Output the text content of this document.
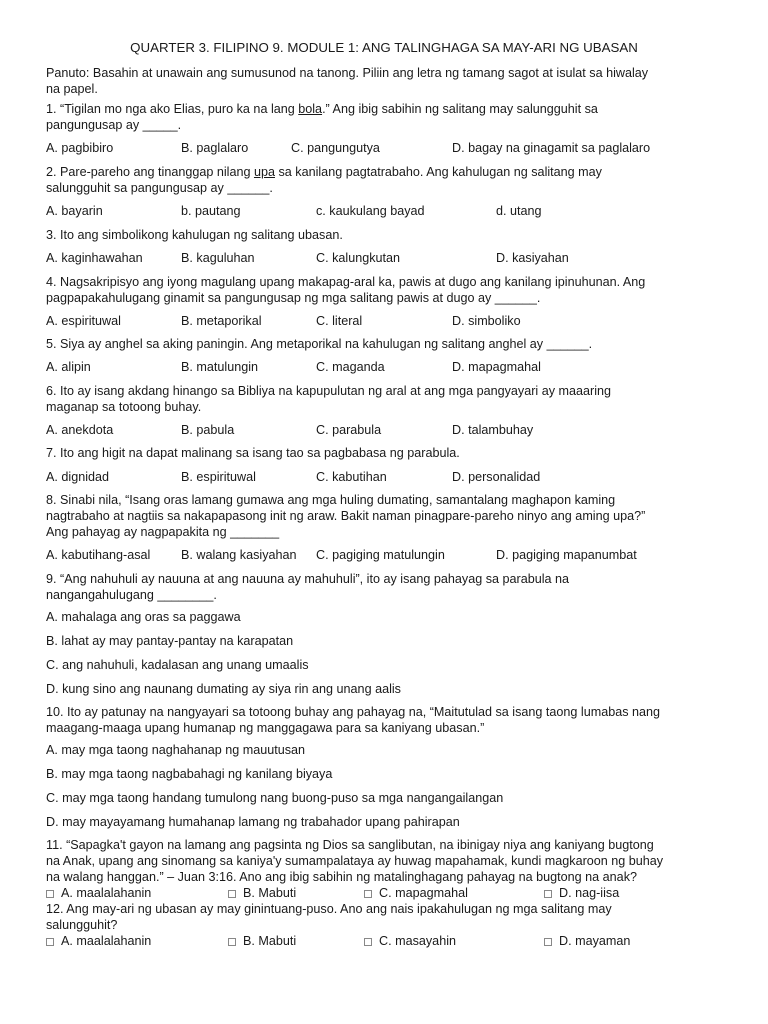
QUARTER 3. FILIPINO 9. MODULE 1: ANG TALINGHAGA SA MAY-ARI NG UBASAN
Panuto: Basahin at unawain ang sumusunod na tanong. Piliin ang letra ng tamang sagot at isulat sa hiwalay
na papel.
1. “Tigilan mo nga ako Elias, puro ka na lang bola.” Ang ibig sabihin ng salitang may salungguhit sa
pangungusap ay _____.
A. pagbibiro	B. paglalaro	C. pangungutya	D. bagay na ginagamit sa paglalaro
2. Pare-pareho ang tinanggap nilang upa sa kanilang pagtatrabaho. Ang kahulugan ng salitang may
salungguhit sa pangungusap ay ______.
A. bayarin	b. pautang	c. kaukulang bayad	d. utang
3. Ito ang simbolikong kahulugan ng salitang ubasan.
A. kaginhawahan	B. kaguluhan	C. kalungkutan	D. kasiyahan
4. Nagsakripisyo ang iyong magulang upang makapag-aral ka, pawis at dugo ang kanilang ipinuhunan. Ang
pagpapakahulugang ginamit sa pangungusap ng mga salitang pawis at dugo ay ______.
A. espirituwal	B. metaporikal	C. literal	D. simboliko
5. Siya ay anghel sa aking paningin. Ang metaporikal na kahulugan ng salitang anghel ay ______.
A. alipin	B. matulungin	C. maganda	D. mapagmahal
6. Ito ay isang akdang hinango sa Bibliya na kapupulutan ng aral at ang mga pangyayari ay maaaring
maganap sa totoong buhay.
A. anekdota	B. pabula	C. parabula	D. talambuhay
7. Ito ang higit na dapat malinang sa isang tao sa pagbabasa ng parabula.
A. dignidad	B. espirituwal	C. kabutihan	D. personalidad
8. Sinabi nila, “Isang oras lamang gumawa ang mga huling dumating, samantalang maghapon kaming
nagtrabaho at nagtiis sa nakapapasong init ng araw. Bakit naman pinagpare-pareho ninyo ang aming upa?”
Ang pahayag ay nagpapakita ng _______
A. kabutihang-asal B. walang kasiyahan C. pagiging matulungin	D. pagiging mapanumbat
9. “Ang nahuhuli ay nauuna at ang nauuna ay mahuhuli”, ito ay isang pahayag sa parabula na
nangangahulugang ________.
A. mahalaga ang oras sa paggawa
B. lahat ay may pantay-pantay na karapatan
C. ang nahuhuli, kadalasan ang unang umaalis
D. kung sino ang naunang dumating ay siya rin ang unang aalis
10. Ito ay patunay na nangyayari sa totoong buhay ang pahayag na, “Maitutulad sa isang taong lumabas nang
maagang-maaga upang humanap ng manggagawa para sa kaniyang ubasan.”
A. may mga taong naghahanap ng mauutusan
B. may mga taong nagbabahagi ng kanilang biyaya
C. may mga taong handang tumulong nang buong-puso sa mga nangangailangan
D. may mayayamang humahanap lamang ng trabahador upang pahirapan
11. “Sapagka't gayon na lamang ang pagsinta ng Dios sa sanglibutan, na ibinigay niya ang kaniyang bugtong
na Anak, upang ang sinomang sa kaniya'y sumampalataya ay huwag mapahamak, kundi magkaroon ng buhay
na walang hanggan.” – Juan 3:16. Ano ang ibig sabihin ng matalinghagang pahayag na bugtong na anak?
A. maalalahanin	B. Mabuti	C. mapagmahal	D. nag-iisa
12. Ang may-ari ng ubasan ay may ginintuang-puso. Ano ang nais ipakahulugan ng mga salitang may
salungguhit?
A. maalalahanin	B. Mabuti	C. masayahin	D. mayaman
